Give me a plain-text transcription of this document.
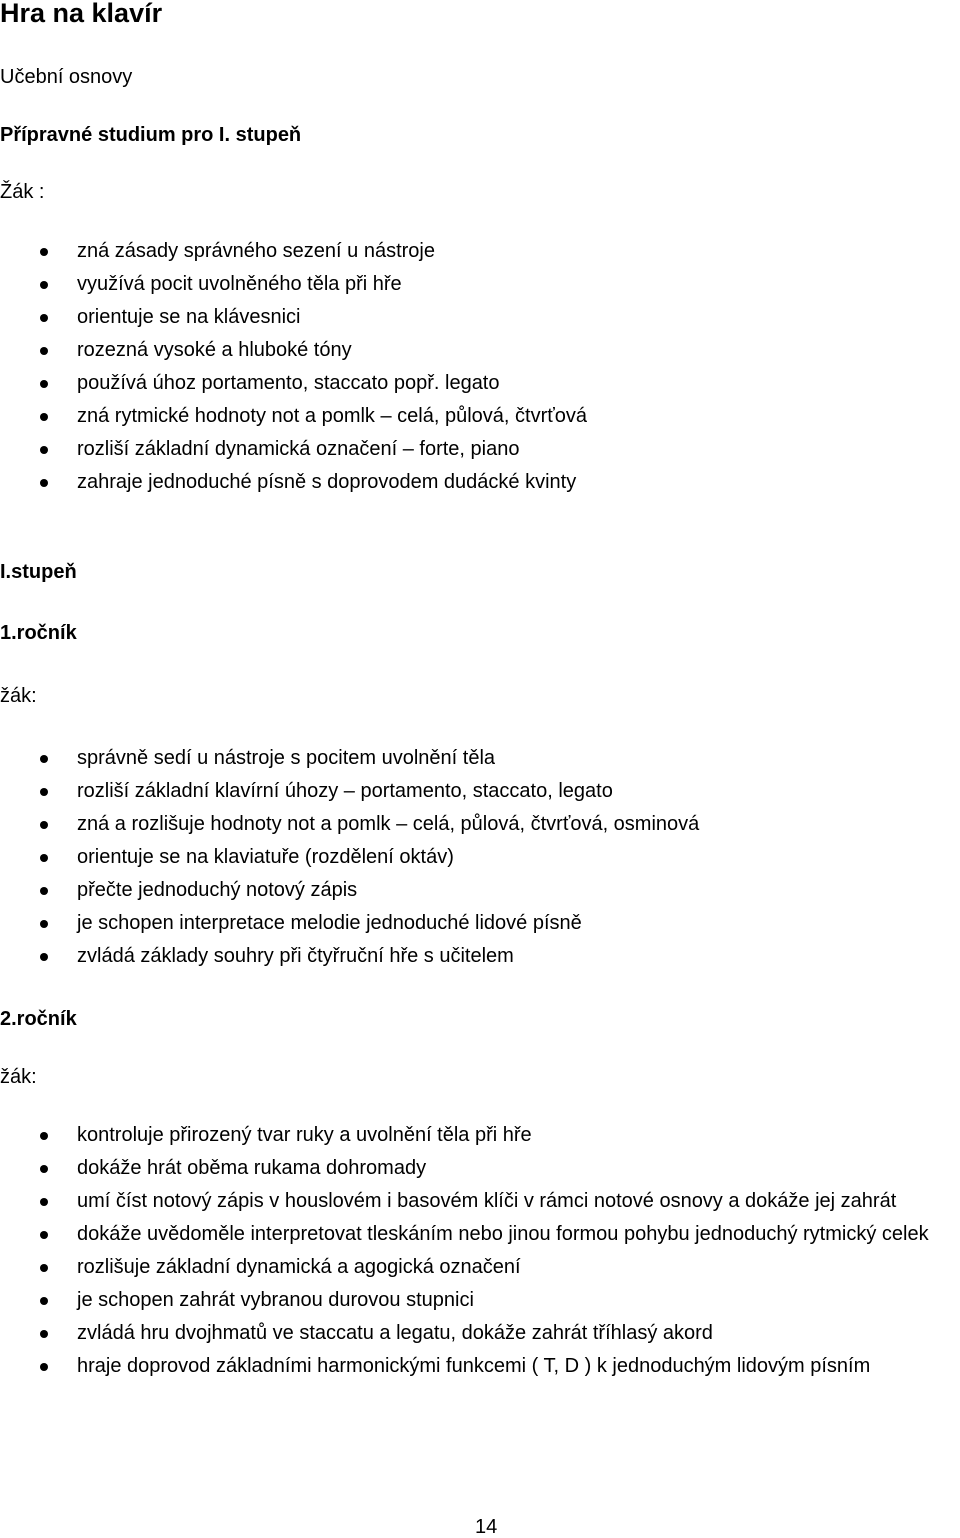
Hra na klavír
Učební osnovy
Přípravné studium pro I. stupeň
Žák :
zná zásady správného sezení u nástroje
využívá pocit uvolněného těla při hře
orientuje se na klávesnici
rozezná vysoké a hluboké tóny
používá úhoz portamento, staccato popř. legato
zná rytmické hodnoty not a pomlk – celá, půlová, čtvrťová
rozliší základní dynamická označení – forte, piano
zahraje jednoduché písně s doprovodem dudácké kvinty
I.stupeň
1.ročník
žák:
správně sedí u nástroje s pocitem uvolnění těla
rozliší základní klavírní úhozy – portamento, staccato, legato
zná a rozlišuje hodnoty not a pomlk – celá, půlová, čtvrťová, osminová
orientuje se na klaviatuře (rozdělení oktáv)
přečte jednoduchý notový zápis
je schopen interpretace melodie jednoduché lidové písně
zvládá základy souhry při čtyřruční hře s učitelem
2.ročník
žák:
kontroluje přirozený tvar ruky a uvolnění těla při hře
dokáže hrát oběma rukama dohromady
umí číst notový zápis v houslovém i basovém klíči v rámci notové osnovy a dokáže jej zahrát
dokáže uvědoměle interpretovat tleskáním nebo jinou formou pohybu jednoduchý rytmický celek
rozlišuje základní dynamická a agogická označení
je schopen zahrát vybranou durovou stupnici
zvládá hru dvojhmatů ve staccatu a legatu, dokáže zahrát tříhlasý akord
hraje doprovod základními harmonickými funkcemi ( T, D ) k jednoduchým lidovým písním
14
